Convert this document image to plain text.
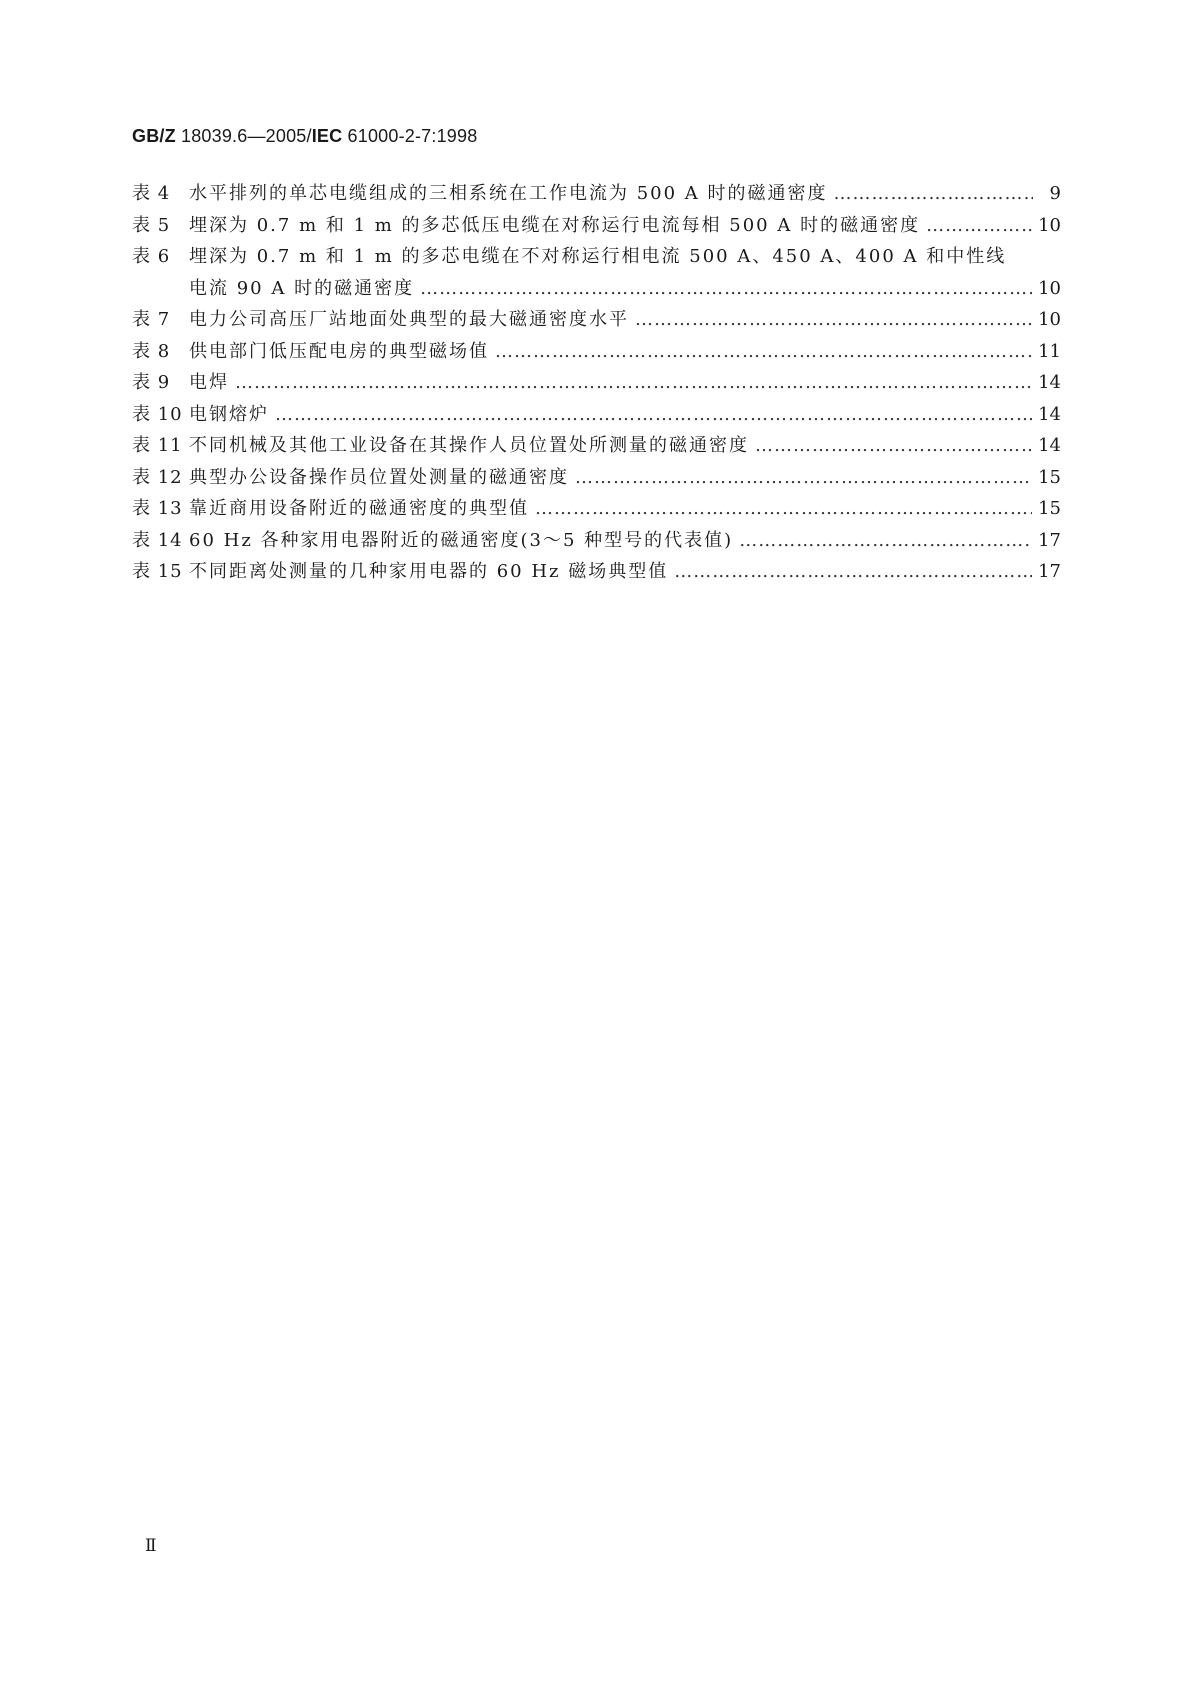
GB/Z 18039.6—2005/IEC 61000-2-7:1998
表 4	水平排列的单芯电缆组成的三相系统在工作电流为 500 A 时的磁通密度 …………………………………………………………………………………………………………………………………………………………………………………………	9
表 5	埋深为 0.7 m 和 1 m 的多芯低压电缆在对称运行电流每相 500 A 时的磁通密度 …………………………………………………………………………………………………………………………………………………………………………………………	10
表 6	埋深为 0.7 m 和 1 m 的多芯电缆在不对称运行相电流 500 A、450 A、400 A 和中性线
电流 90 A 时的磁通密度 …………………………………………………………………………………………………………………………………………………………………………………………	10
表 7	电力公司高压厂站地面处典型的最大磁通密度水平 …………………………………………………………………………………………………………………………………………………………………………………………	10
表 8	供电部门低压配电房的典型磁场值 …………………………………………………………………………………………………………………………………………………………………………………………	11
表 9	电焊 …………………………………………………………………………………………………………………………………………………………………………………………	14
表 10 电钢熔炉 …………………………………………………………………………………………………………………………………………………………………………………………	14
表 11 不同机械及其他工业设备在其操作人员位置处所测量的磁通密度 …………………………………………………………………………………………………………………………………………………………………………………………	14
表 12 典型办公设备操作员位置处测量的磁通密度 …………………………………………………………………………………………………………………………………………………………………………………………	15
表 13 靠近商用设备附近的磁通密度的典型值 …………………………………………………………………………………………………………………………………………………………………………………………	15
表 14 60 Hz 各种家用电器附近的磁通密度(3～5 种型号的代表值) …………………………………………………………………………………………………………………………………………………………………………………………	17
表 15 不同距离处测量的几种家用电器的 60 Hz 磁场典型值 …………………………………………………………………………………………………………………………………………………………………………………………	17
Ⅱ
